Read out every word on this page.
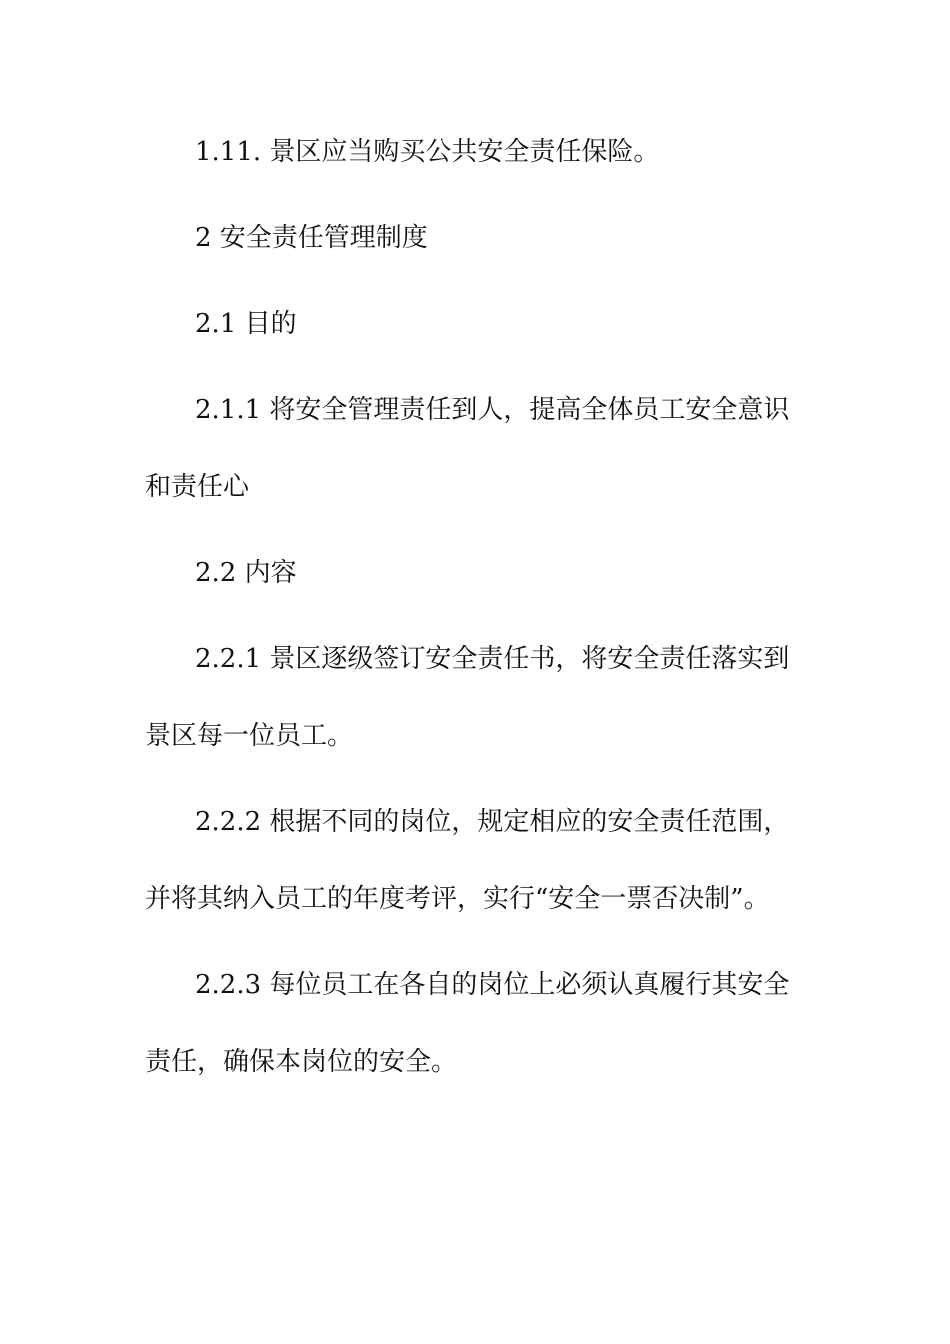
1.11. 景区应当购买公共安全责任保险。
2 安全责任管理制度
2.1 目的
2.1.1 将安全管理责任到人，提高全体员工安全意识
和责任心
2.2 内容
2.2.1 景区逐级签订安全责任书，将安全责任落实到
景区每一位员工。
2.2.2 根据不同的岗位，规定相应的安全责任范围，
并将其纳入员工的年度考评，实行“安全一票否决制”。
2.2.3 每位员工在各自的岗位上必须认真履行其安全
责任，确保本岗位的安全。
